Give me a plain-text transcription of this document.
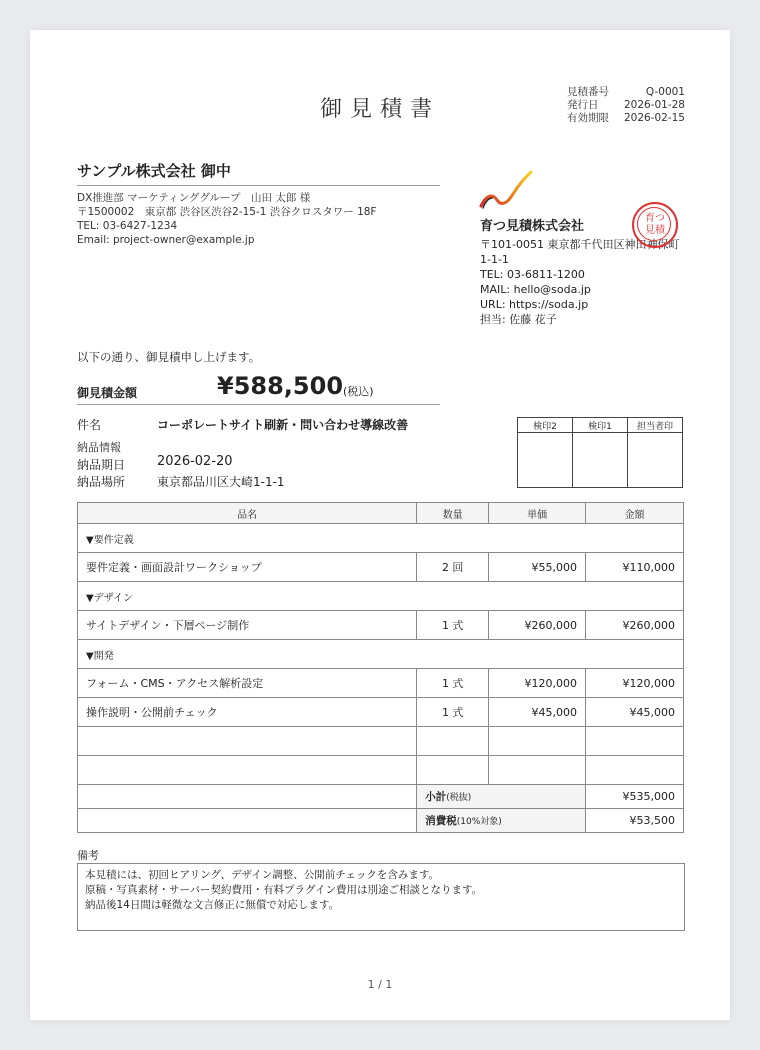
御見積書
見積番号	Q-0001
発行日	2026-01-28
有効期限	2026-02-15
サンプル株式会社 御中
DX推進部 マーケティンググループ　山田 太郎 様
〒1500002　東京都 渋谷区渋谷2-15-1 渋谷クロスタワー 18F
TEL: 03-6427-1234
Email: project-owner@example.jp
育つ見積株式会社
〒101-0051 東京都千代田区神田神保町
1-1-1
TEL: 03-6811-1200
MAIL: hello@soda.jp
URL: https://soda.jp
担当: 佐藤 花子
育つ
見積
以下の通り、御見積申し上げます。
御見積金額	¥588,500 (税込)
件名	コーポレートサイト刷新・問い合わせ導線改善
納品情報
納品期日 2026-02-20
納品場所	東京都品川区大崎1-1-1
検印2	検印1	担当者印

品名	数量	単価	金額
▼要件定義			
要件定義・画面設計ワークショップ	2 回	¥55,000	¥110,000
▼デザイン			
サイトデザイン・下層ページ制作	1 式	¥260,000	¥260,000
▼開発			
フォーム・CMS・アクセス解析設定	1 式	¥120,000	¥120,000
操作説明・公開前チェック	1 式	¥45,000	¥45,000

	小計(税抜)		¥535,000
	消費税(10%対象)		¥53,500
備考
本見積には、初回ヒアリング、デザイン調整、公開前チェックを含みます。
原稿・写真素材・サーバー契約費用・有料プラグイン費用は別途ご相談となります。
納品後14日間は軽微な文言修正に無償で対応します。
1 / 1
